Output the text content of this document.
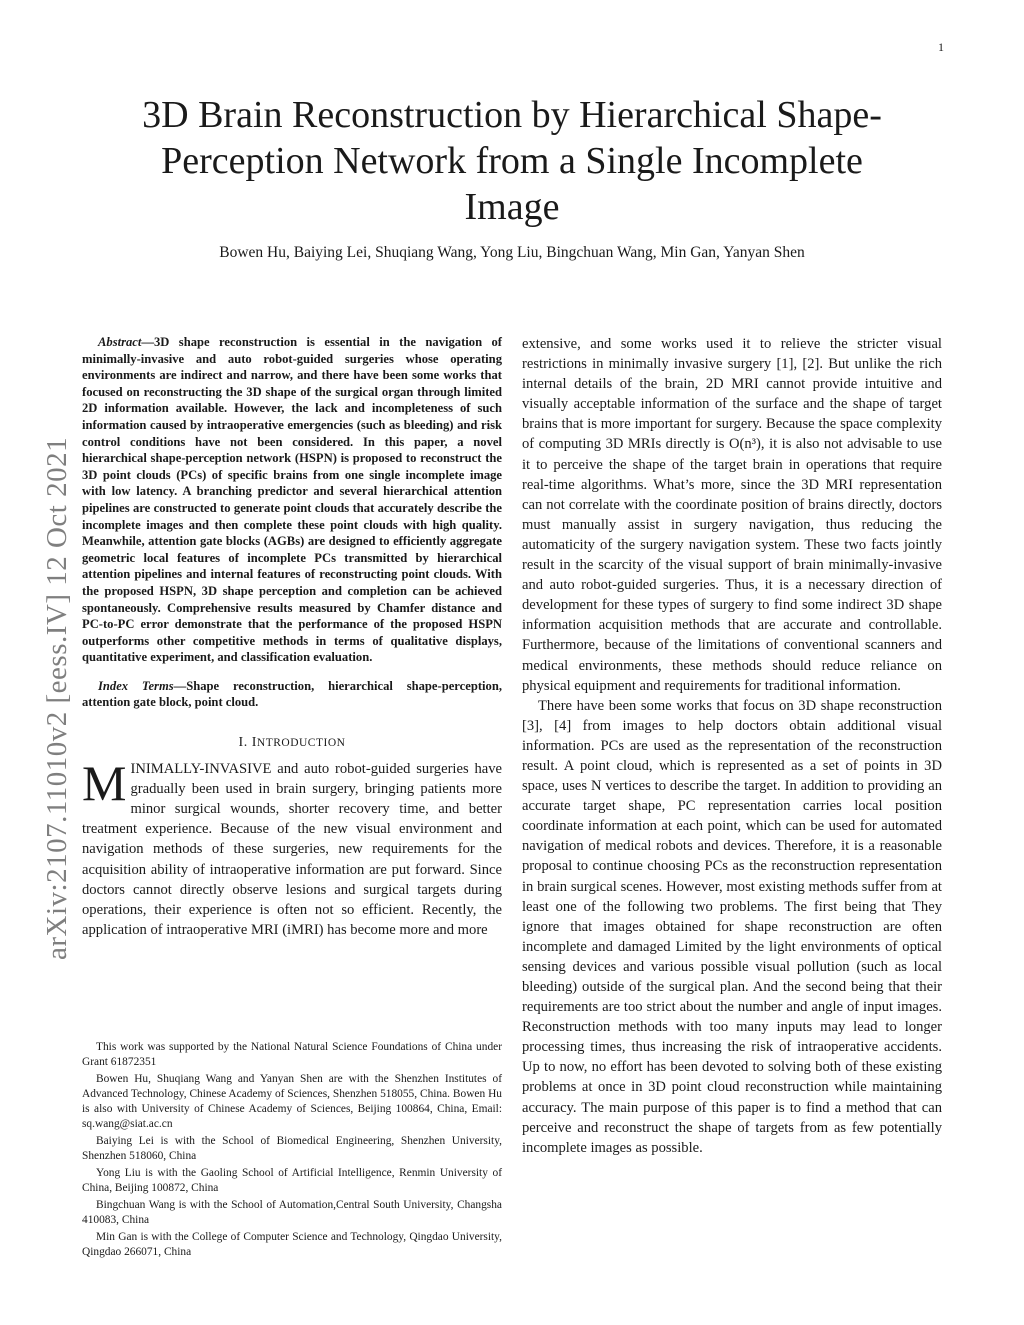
1
arXiv:2107.11010v2 [eess.IV] 12 Oct 2021
3D Brain Reconstruction by Hierarchical Shape-Perception Network from a Single Incomplete Image
Bowen Hu, Baiying Lei, Shuqiang Wang, Yong Liu, Bingchuan Wang, Min Gan, Yanyan Shen

Abstract—3D shape reconstruction is essential in the navigation of minimally-invasive and auto robot-guided surgeries whose operating environments are indirect and narrow, and there have been some works that focused on reconstructing the 3D shape of the surgical organ through limited 2D information available. However, the lack and incompleteness of such information caused by intraoperative emergencies (such as bleeding) and risk control conditions have not been considered. In this paper, a novel hierarchical shape-perception network (HSPN) is proposed to reconstruct the 3D point clouds (PCs) of specific brains from one single incomplete image with low latency. A branching predictor and several hierarchical attention pipelines are constructed to generate point clouds that accurately describe the incomplete images and then complete these point clouds with high quality. Meanwhile, attention gate blocks (AGBs) are designed to efficiently aggregate geometric local features of incomplete PCs transmitted by hierarchical attention pipelines and internal features of reconstructing point clouds. With the proposed HSPN, 3D shape perception and completion can be achieved spontaneously. Comprehensive results measured by Chamfer distance and PC-to-PC error demonstrate that the performance of the proposed HSPN outperforms other competitive methods in terms of qualitative displays, quantitative experiment, and classification evaluation.

Index Terms—Shape reconstruction, hierarchical shape-perception, attention gate block, point cloud.

I. INTRODUCTION

MINIMALLY-INVASIVE and auto robot-guided surgeries have gradually been used in brain surgery, bringing patients more minor surgical wounds, shorter recovery time, and better treatment experience. Because of the new visual environment and navigation methods of these surgeries, new requirements for the acquisition ability of intraoperative information are put forward. Since doctors cannot directly observe lesions and surgical targets during operations, their experience is often not so efficient. Recently, the application of intraoperative MRI (iMRI) has become more and more

This work was supported by the National Natural Science Foundations of China under Grant 61872351

Bowen Hu, Shuqiang Wang and Yanyan Shen are with the Shenzhen Institutes of Advanced Technology, Chinese Academy of Sciences, Shenzhen 518055, China. Bowen Hu is also with University of Chinese Academy of Sciences, Beijing 100864, China, Email: sq.wang@siat.ac.cn

Baiying Lei is with the School of Biomedical Engineering, Shenzhen University, Shenzhen 518060, China

Yong Liu is with the Gaoling School of Artificial Intelligence, Renmin University of China, Beijing 100872, China

Bingchuan Wang is with the School of Automation,Central South University, Changsha 410083, China

Min Gan is with the College of Computer Science and Technology, Qingdao University, Qingdao 266071, China

extensive, and some works used it to relieve the stricter visual restrictions in minimally invasive surgery [1], [2]. But unlike the rich internal details of the brain, 2D MRI cannot provide intuitive and visually acceptable information of the surface and the shape of target brains that is more important for surgery. Because the space complexity of computing 3D MRIs directly is O(n³), it is also not advisable to use it to perceive the shape of the target brain in operations that require real-time algorithms. What’s more, since the 3D MRI representation can not correlate with the coordinate position of brains directly, doctors must manually assist in surgery navigation, thus reducing the automaticity of the surgery navigation system. These two facts jointly result in the scarcity of the visual support of brain minimally-invasive and auto robot-guided surgeries. Thus, it is a necessary direction of development for these types of surgery to find some indirect 3D shape information acquisition methods that are accurate and controllable. Furthermore, because of the limitations of conventional scanners and medical environments, these methods should reduce reliance on physical equipment and requirements for traditional information.

There have been some works that focus on 3D shape reconstruction [3], [4] from images to help doctors obtain additional visual information. PCs are used as the representation of the reconstruction result. A point cloud, which is represented as a set of points in 3D space, uses N vertices to describe the target. In addition to providing an accurate target shape, PC representation carries local position coordinate information at each point, which can be used for automated navigation of medical robots and devices. Therefore, it is a reasonable proposal to continue choosing PCs as the reconstruction representation in brain surgical scenes. However, most existing methods suffer from at least one of the following two problems. The first being that They ignore that images obtained for shape reconstruction are often incomplete and damaged Limited by the light environments of optical sensing devices and various possible visual pollution (such as local bleeding) outside of the surgical plan. And the second being that their requirements are too strict about the number and angle of input images. Reconstruction methods with too many inputs may lead to longer processing times, thus increasing the risk of intraoperative accidents. Up to now, no effort has been devoted to solving both of these existing problems at once in 3D point cloud reconstruction while maintaining accuracy. The main purpose of this paper is to find a method that can perceive and reconstruct the shape of targets from as few potentially incomplete images as possible.
